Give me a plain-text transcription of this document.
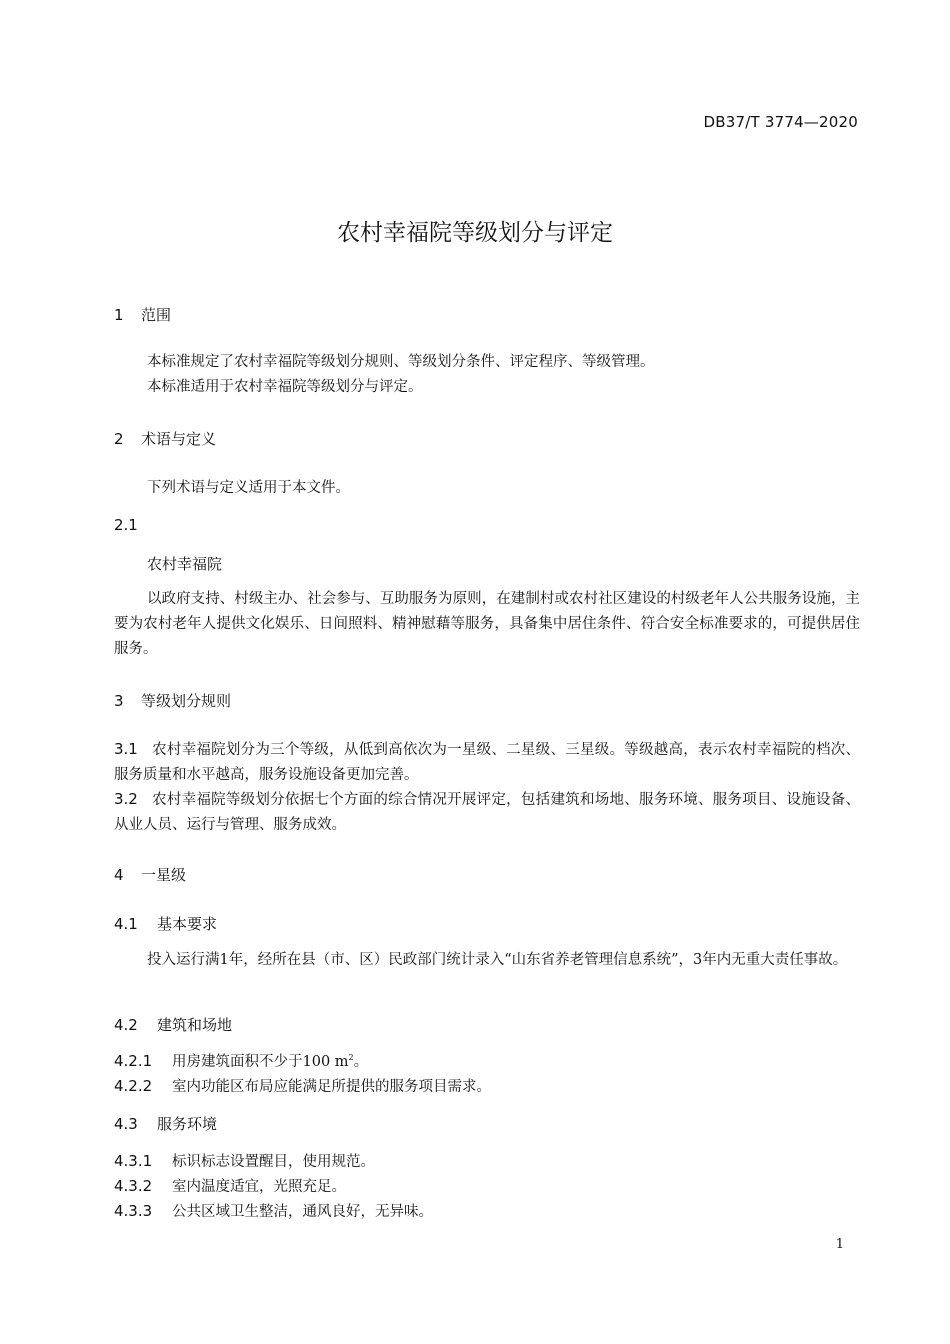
DB37/T 3774—2020
农村幸福院等级划分与评定
1 范围
本标准规定了农村幸福院等级划分规则、等级划分条件、评定程序、等级管理。
本标准适用于农村幸福院等级划分与评定。
2 术语与定义
下列术语与定义适用于本文件。
2.1
农村幸福院
以政府支持、村级主办、社会参与、互助服务为原则，在建制村或农村社区建设的村级老年人公共服务设施，主要为农村老年人提供文化娱乐、日间照料、精神慰藉等服务，具备集中居住条件、符合安全标准要求的，可提供居住服务。
3 等级划分规则
3.1 农村幸福院划分为三个等级，从低到高依次为一星级、二星级、三星级。等级越高，表示农村幸福院的档次、服务质量和水平越高，服务设施设备更加完善。
3.2 农村幸福院等级划分依据七个方面的综合情况开展评定，包括建筑和场地、服务环境、服务项目、设施设备、从业人员、运行与管理、服务成效。
4 一星级
4.1 基本要求
投入运行满1年，经所在县（市、区）民政部门统计录入“山东省养老管理信息系统”，3年内无重大责任事故。
4.2 建筑和场地
4.2.1 用房建筑面积不少于100 $m^2$。
4.2.2 室内功能区布局应能满足所提供的服务项目需求。
4.3 服务环境
4.3.1 标识标志设置醒目，使用规范。
4.3.2 室内温度适宜，光照充足。
4.3.3 公共区域卫生整洁，通风良好，无异味。
1
